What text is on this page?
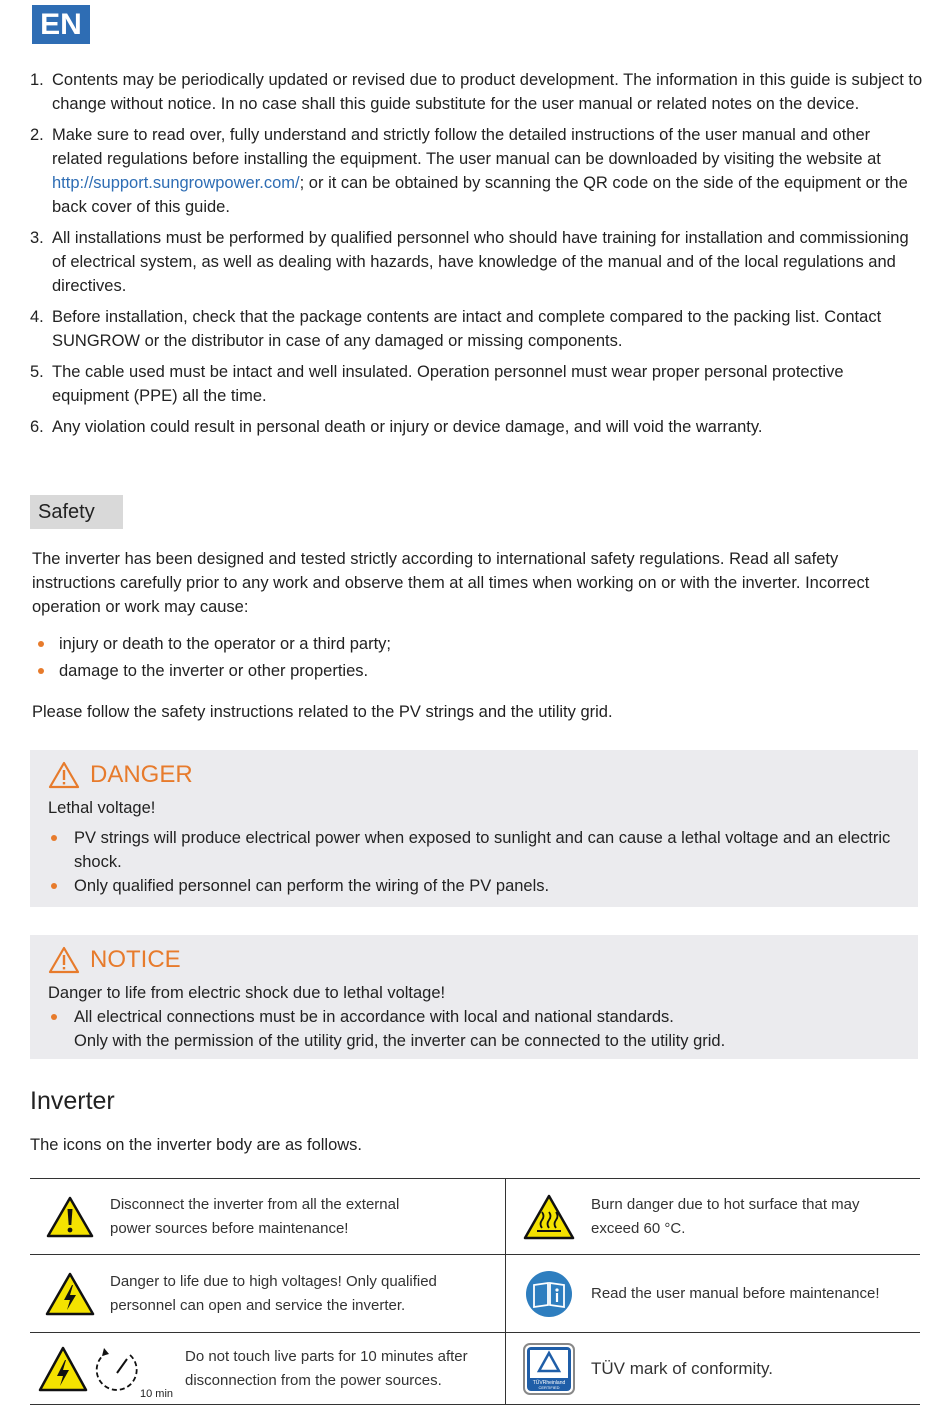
EN
1. Contents may be periodically updated or revised due to product development. The information in this guide is subject to change without notice. In no case shall this guide substitute for the user manual or related notes on the device.
2. Make sure to read over, fully understand and strictly follow the detailed instructions of the user manual and other related regulations before installing the equipment. The user manual can be downloaded by visiting the website at http://support.sungrowpower.com/; or it can be obtained by scanning the QR code on the side of the equipment or the back cover of this guide.
3. All installations must be performed by qualified personnel who should have training for installation and commissioning of electrical system, as well as dealing with hazards, have knowledge of the manual and of the local regulations and directives.
4. Before installation, check that the package contents are intact and complete compared to the packing list. Contact SUNGROW or the distributor in case of any damaged or missing components.
5. The cable used must be intact and well insulated. Operation personnel must wear proper personal protective equipment (PPE) all the time.
6. Any violation could result in personal death or injury or device damage, and will void the warranty.
Safety
The inverter has been designed and tested strictly according to international safety regulations. Read all safety instructions carefully prior to any work and observe them at all times when working on or with the inverter. Incorrect operation or work may cause:
injury or death to the operator or a third party;
damage to the inverter or other properties.
Please follow the safety instructions related to the PV strings and the utility grid.
DANGER
Lethal voltage!
PV strings will produce electrical power when exposed to sunlight and can cause a lethal voltage and an electric shock.
Only qualified personnel can perform the wiring of the PV panels.
NOTICE
Danger to life from electric shock due to lethal voltage!
All electrical connections must be in accordance with local and national standards.
Only with the permission of the utility grid, the inverter can be connected to the utility grid.
Inverter
The icons on the inverter body are as follows.
Disconnect the inverter from all the external power sources before maintenance!
Burn danger due to hot surface that may exceed 60 °C.
Danger to life due to high voltages! Only qualified personnel can open and service the inverter.
Read the user manual before maintenance!
10 min
Do not touch live parts for 10 minutes after disconnection from the power sources.	TÜVRheinland
CERTIFIED
TÜV mark of conformity.
